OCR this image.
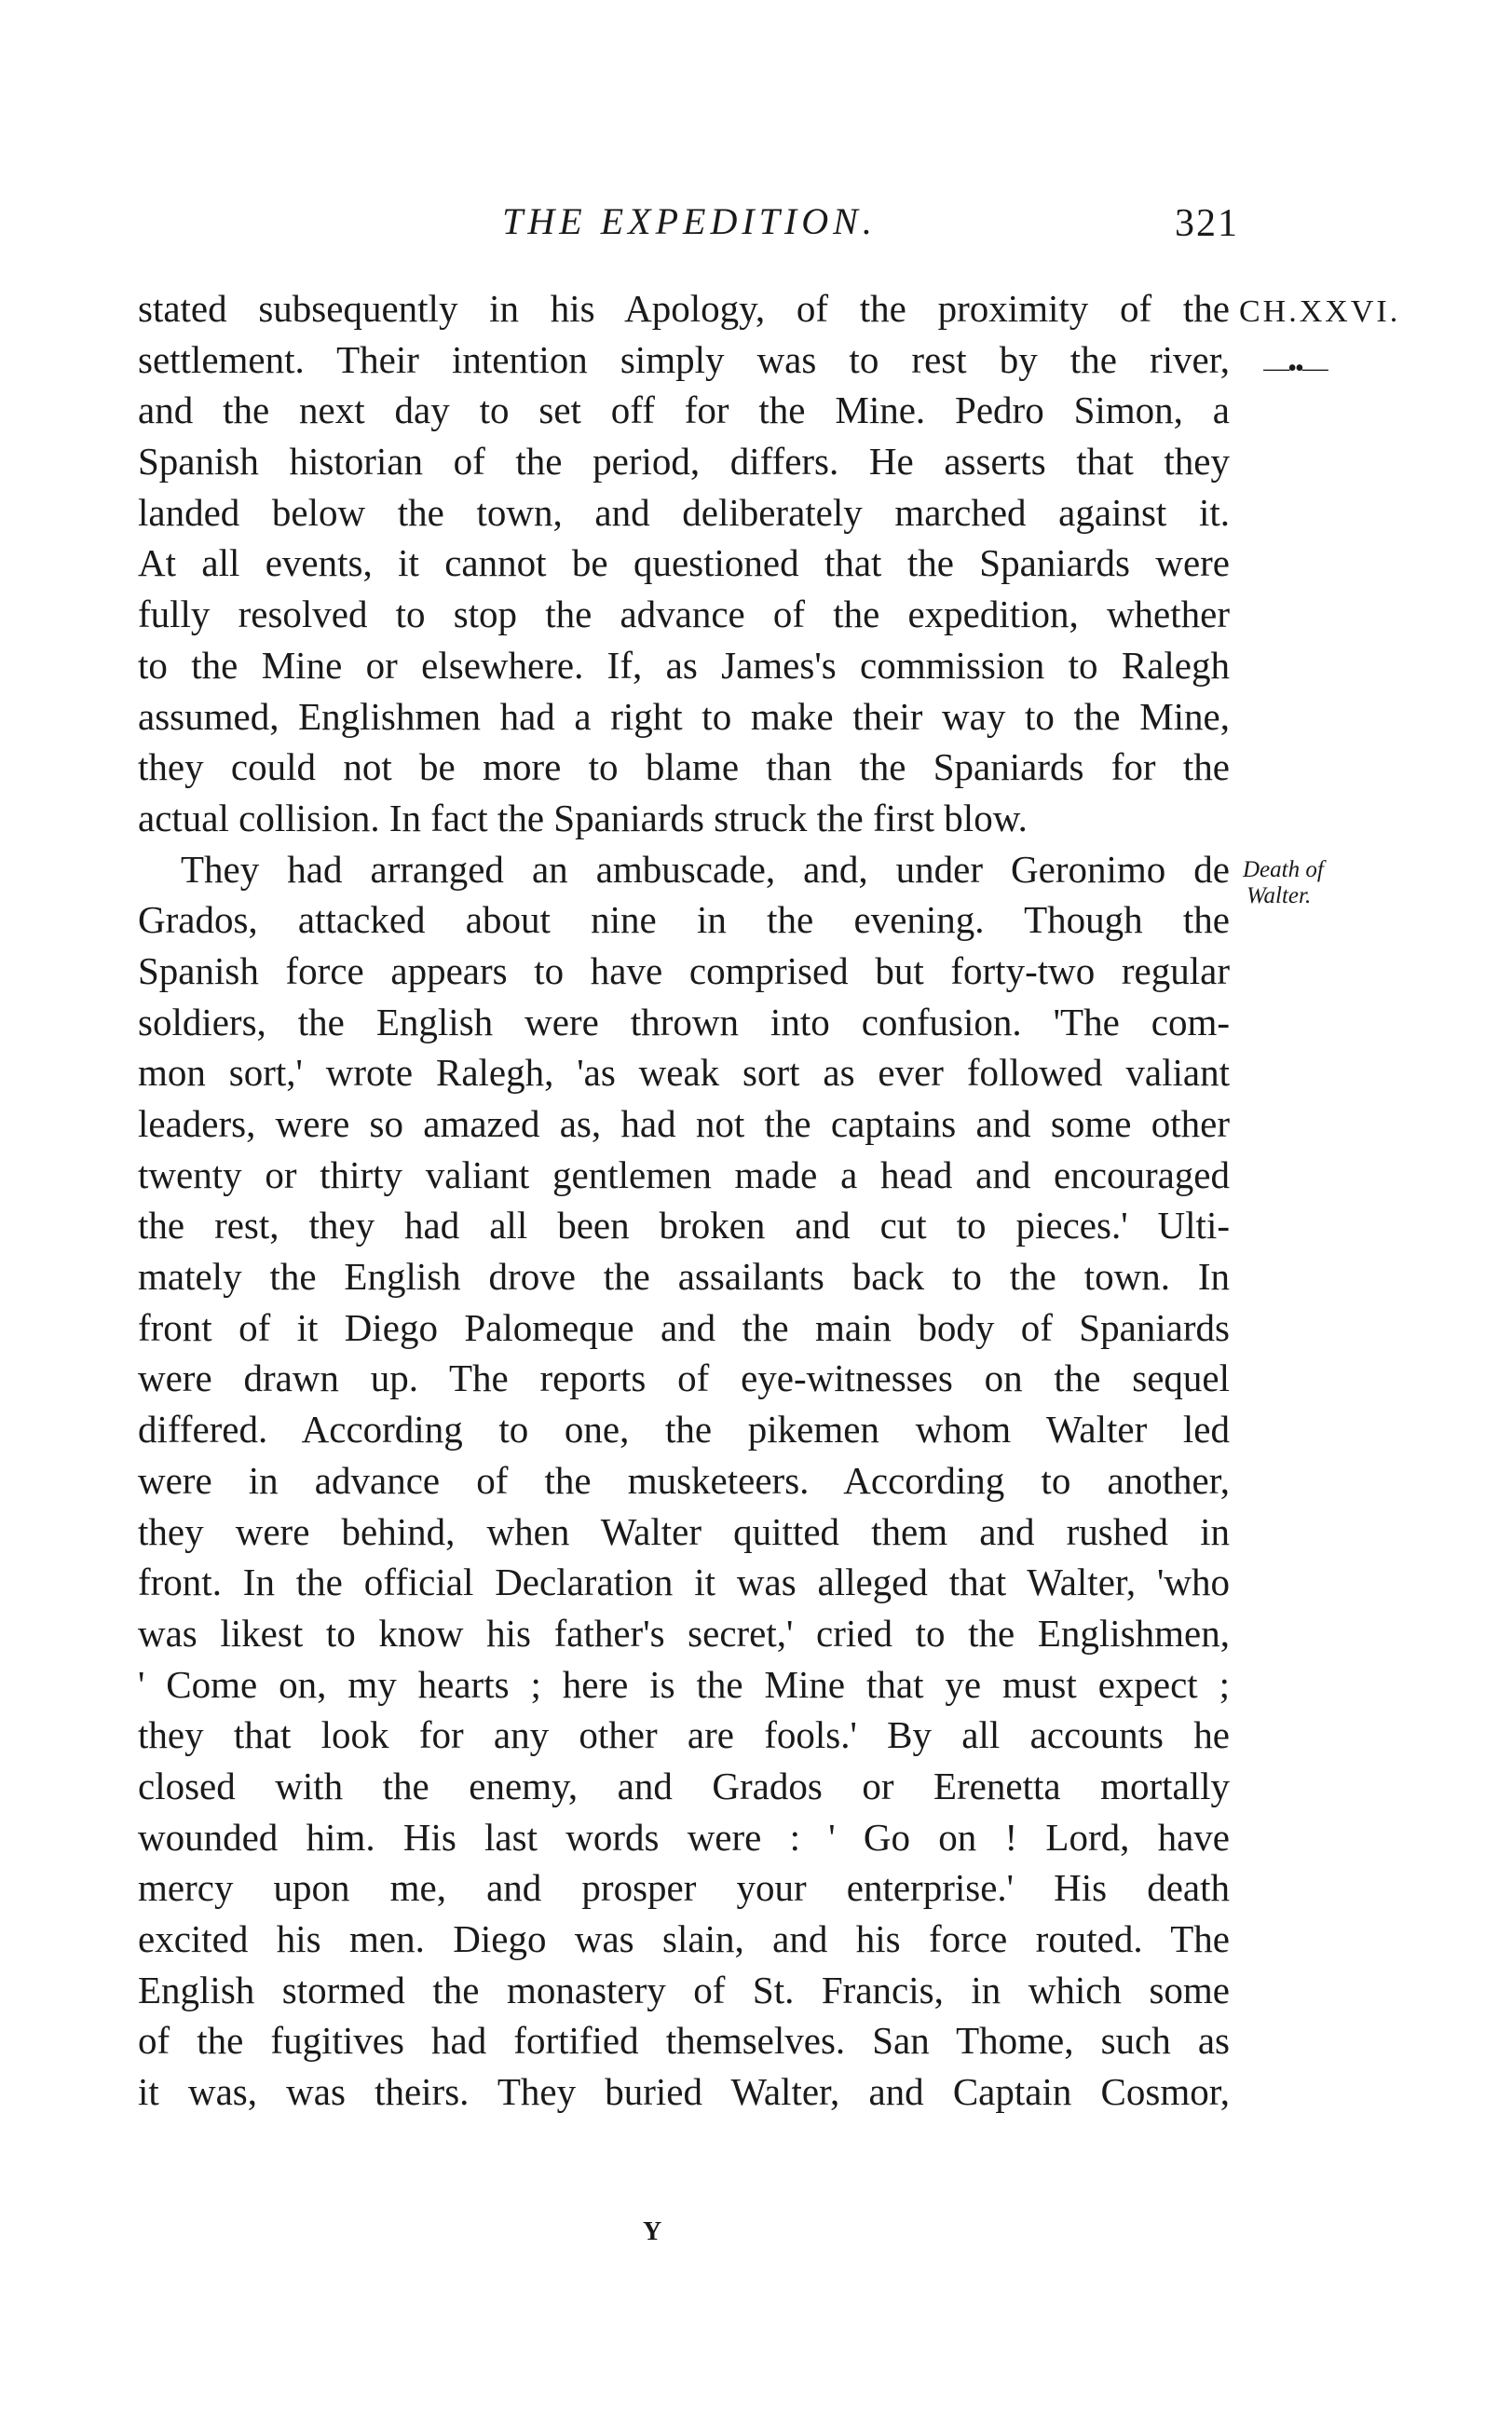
THE EXPEDITION.	321
CH.XXVI.
—••—
Death of
Walter.
stated subsequently in his Apology, of the proximity of the
settlement. Their intention simply was to rest by the river,
and the next day to set off for the Mine. Pedro Simon, a
Spanish historian of the period, differs. He asserts that they
landed below the town, and deliberately marched against it.
At all events, it cannot be questioned that the Spaniards were
fully resolved to stop the advance of the expedition, whether
to the Mine or elsewhere. If, as James's commission to Ralegh
assumed, Englishmen had a right to make their way to the Mine,
they could not be more to blame than the Spaniards for the
actual collision. In fact the Spaniards struck the first blow.
They had arranged an ambuscade, and, under Geronimo de
Grados, attacked about nine in the evening. Though the
Spanish force appears to have comprised but forty-two regular
soldiers, the English were thrown into confusion. 'The com-
mon sort,' wrote Ralegh, 'as weak sort as ever followed valiant
leaders, were so amazed as, had not the captains and some other
twenty or thirty valiant gentlemen made a head and encouraged
the rest, they had all been broken and cut to pieces.' Ulti-
mately the English drove the assailants back to the town. In
front of it Diego Palomeque and the main body of Spaniards
were drawn up. The reports of eye-witnesses on the sequel
differed. According to one, the pikemen whom Walter led
were in advance of the musketeers. According to another,
they were behind, when Walter quitted them and rushed in
front. In the official Declaration it was alleged that Walter, 'who
was likest to know his father's secret,' cried to the Englishmen,
' Come on, my hearts ; here is the Mine that ye must expect ;
they that look for any other are fools.' By all accounts he
closed with the enemy, and Grados or Erenetta mortally
wounded him. His last words were : ' Go on ! Lord, have
mercy upon me, and prosper your enterprise.' His death
excited his men. Diego was slain, and his force routed. The
English stormed the monastery of St. Francis, in which some
of the fugitives had fortified themselves. San Thome, such as
it was, was theirs. They buried Walter, and Captain Cosmor,
Y
